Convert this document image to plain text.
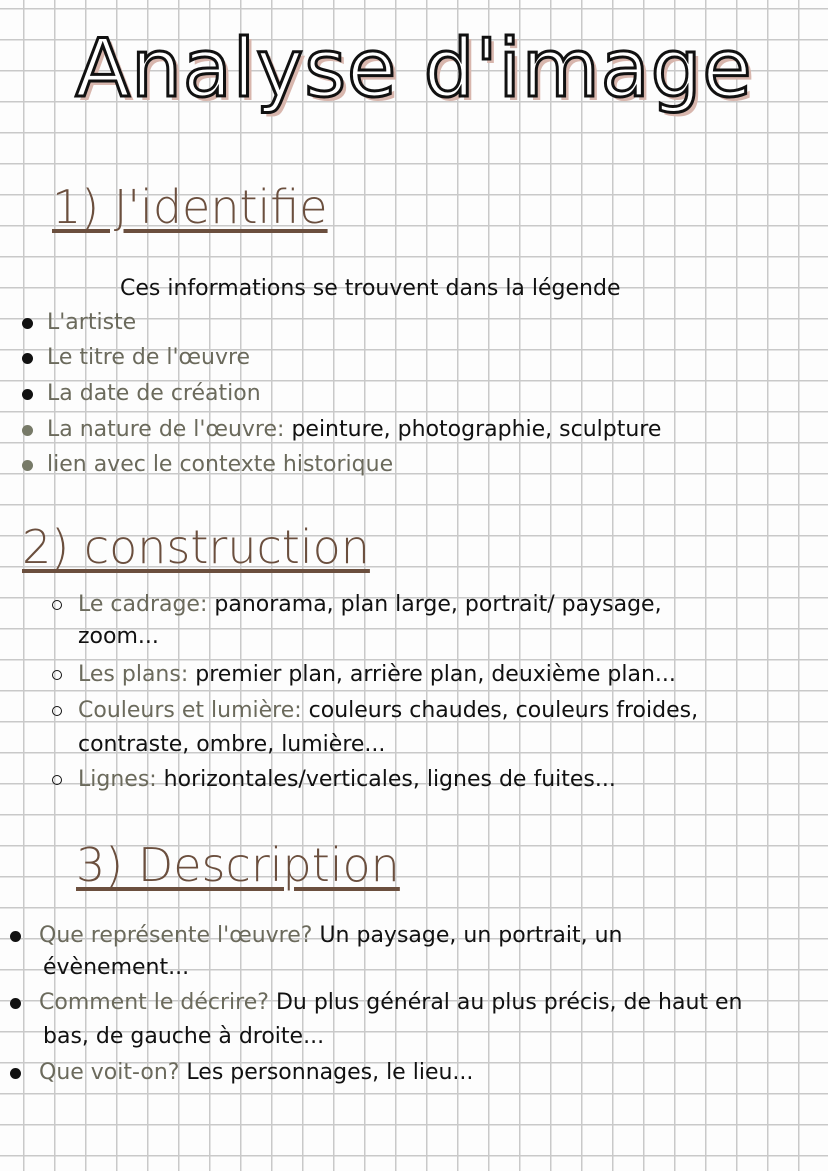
Analyse d'image
1) J'identifie
Ces informations se trouvent dans la légende
L'artiste
Le titre de l'œuvre
La date de création
La nature de l'œuvre: peinture, photographie, sculpture
lien avec le contexte historique
2) construction
Le cadrage: panorama, plan large, portrait/ paysage,
zoom...
Les plans: premier plan, arrière plan, deuxième plan...
Couleurs et lumière: couleurs chaudes, couleurs froides,
contraste, ombre, lumière...
Lignes: horizontales/verticales, lignes de fuites...
3) Description
Que représente l'œuvre? Un paysage, un portrait, un
évènement...
Comment le décrire? Du plus général au plus précis, de haut en
bas, de gauche à droite...
Que voit-on? Les personnages, le lieu...
